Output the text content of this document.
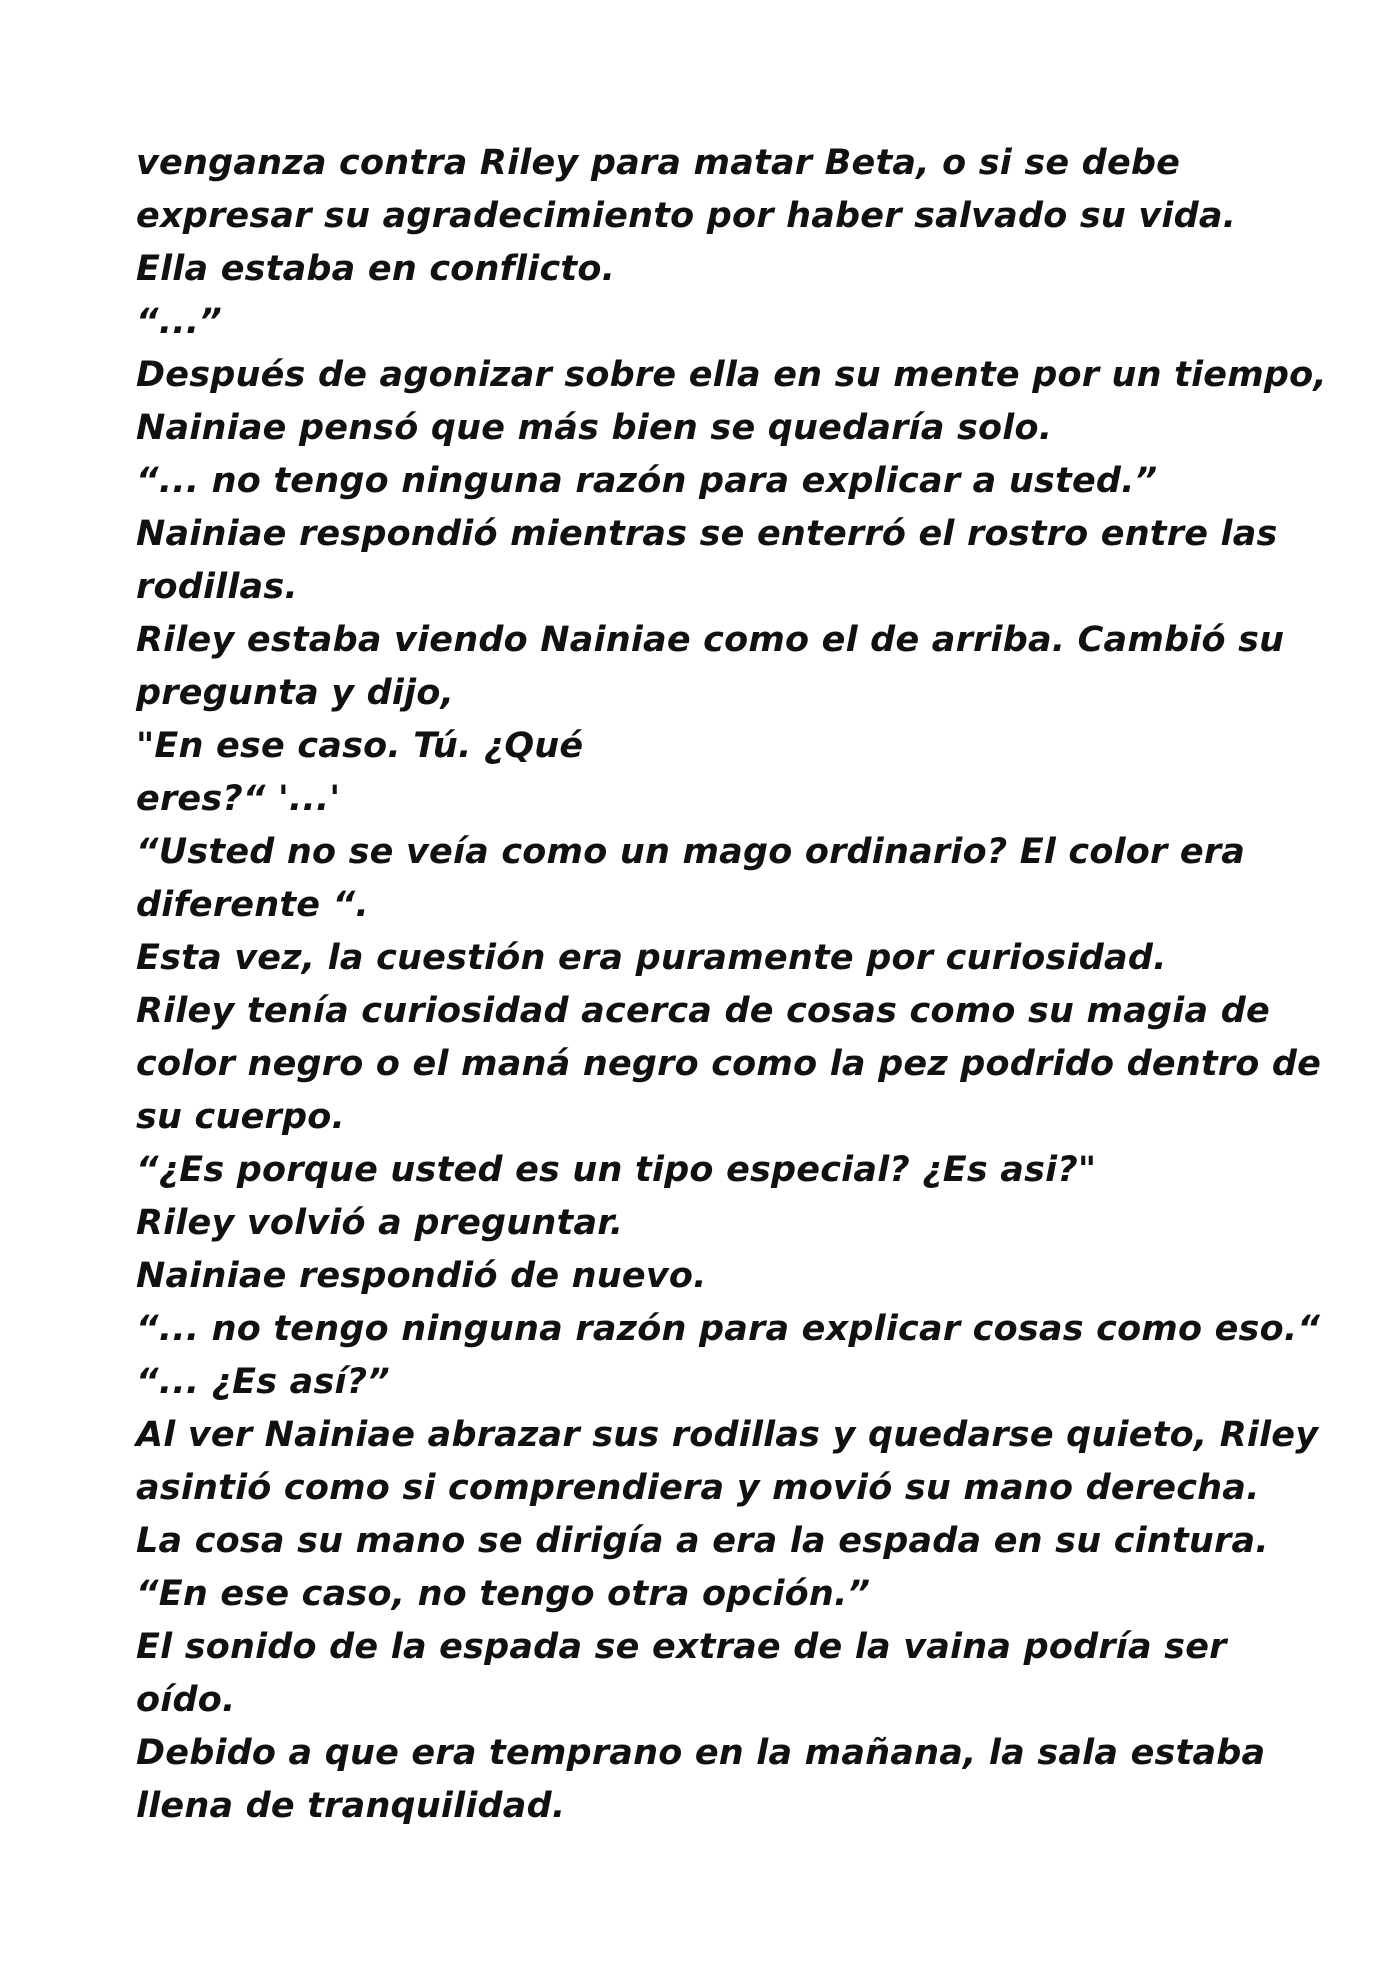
venganza contra Riley para matar Beta, o si se debe
expresar su agradecimiento por haber salvado su vida.
Ella estaba en conflicto.
“...”
Después de agonizar sobre ella en su mente por un tiempo,
Nainiae pensó que más bien se quedaría solo.
“... no tengo ninguna razón para explicar a usted.”
Nainiae respondió mientras se enterró el rostro entre las
rodillas.
Riley estaba viendo Nainiae como el de arriba. Cambió su
pregunta y dijo,
"En ese caso. Tú. ¿Qué
eres?“ '...'
“Usted no se veía como un mago ordinario? El color era
diferente “.
Esta vez, la cuestión era puramente por curiosidad.
Riley tenía curiosidad acerca de cosas como su magia de
color negro o el maná negro como la pez podrido dentro de
su cuerpo.
“¿Es porque usted es un tipo especial? ¿Es asi?"
Riley volvió a preguntar.
Nainiae respondió de nuevo.
“... no tengo ninguna razón para explicar cosas como eso.“
“... ¿Es así?”
Al ver Nainiae abrazar sus rodillas y quedarse quieto, Riley
asintió como si comprendiera y movió su mano derecha.
La cosa su mano se dirigía a era la espada en su cintura.
“En ese caso, no tengo otra opción.”
El sonido de la espada se extrae de la vaina podría ser
oído.
Debido a que era temprano en la mañana, la sala estaba
llena de tranquilidad.
